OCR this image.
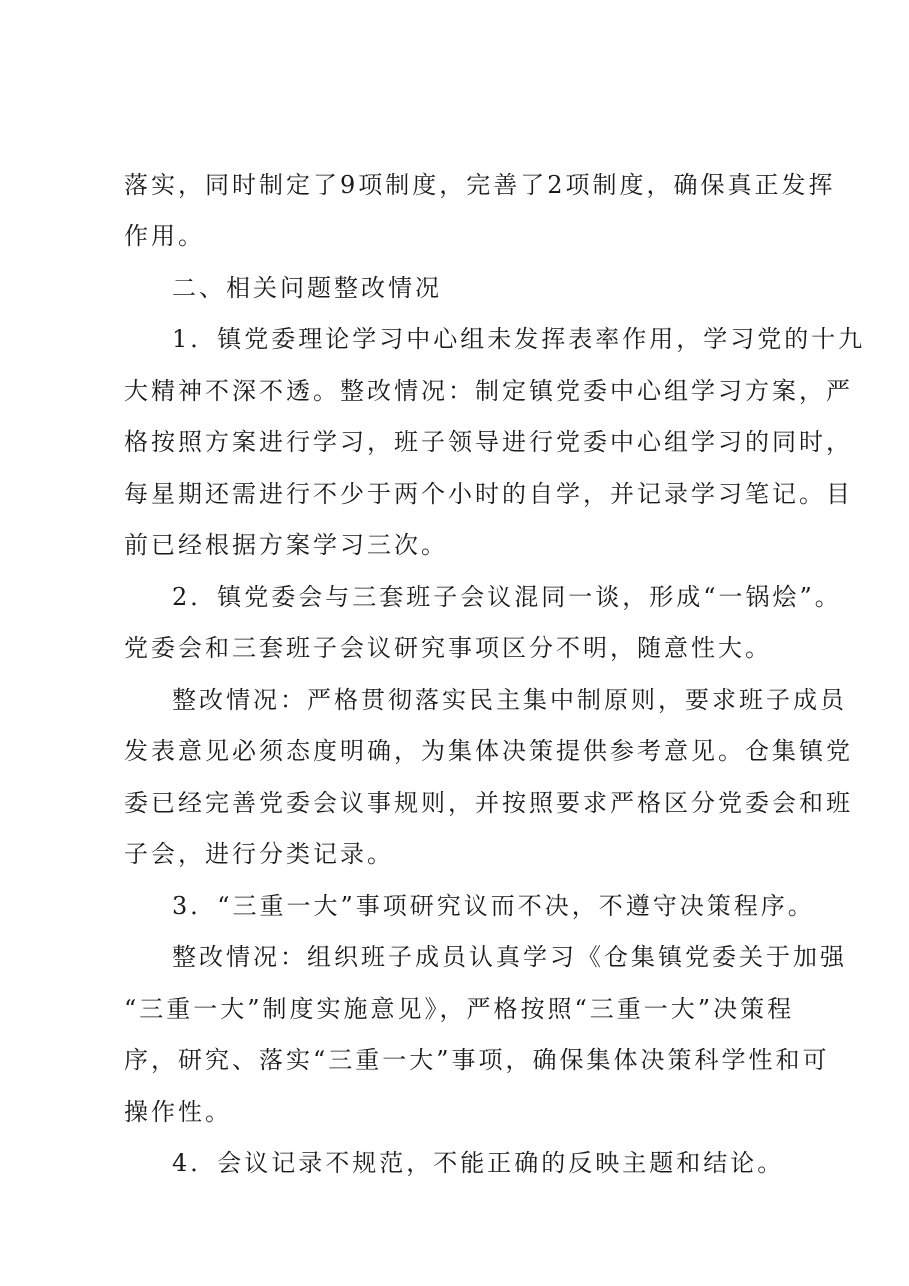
落实，同时制定了9项制度，完善了2项制度，确保真正发挥
作用。
二、相关问题整改情况
1．镇党委理论学习中心组未发挥表率作用，学习党的十九
大精神不深不透。整改情况：制定镇党委中心组学习方案，严
格按照方案进行学习，班子领导进行党委中心组学习的同时，
每星期还需进行不少于两个小时的自学，并记录学习笔记。目
前已经根据方案学习三次。
2．镇党委会与三套班子会议混同一谈，形成“一锅烩”。
党委会和三套班子会议研究事项区分不明，随意性大。
整改情况：严格贯彻落实民主集中制原则，要求班子成员
发表意见必须态度明确，为集体决策提供参考意见。仓集镇党
委已经完善党委会议事规则，并按照要求严格区分党委会和班
子会，进行分类记录。
3．“三重一大”事项研究议而不决，不遵守决策程序。
整改情况：组织班子成员认真学习《仓集镇党委关于加强
“三重一大”制度实施意见》，严格按照“三重一大”决策程
序，研究、落实“三重一大”事项，确保集体决策科学性和可
操作性。
4．会议记录不规范，不能正确的反映主题和结论。
